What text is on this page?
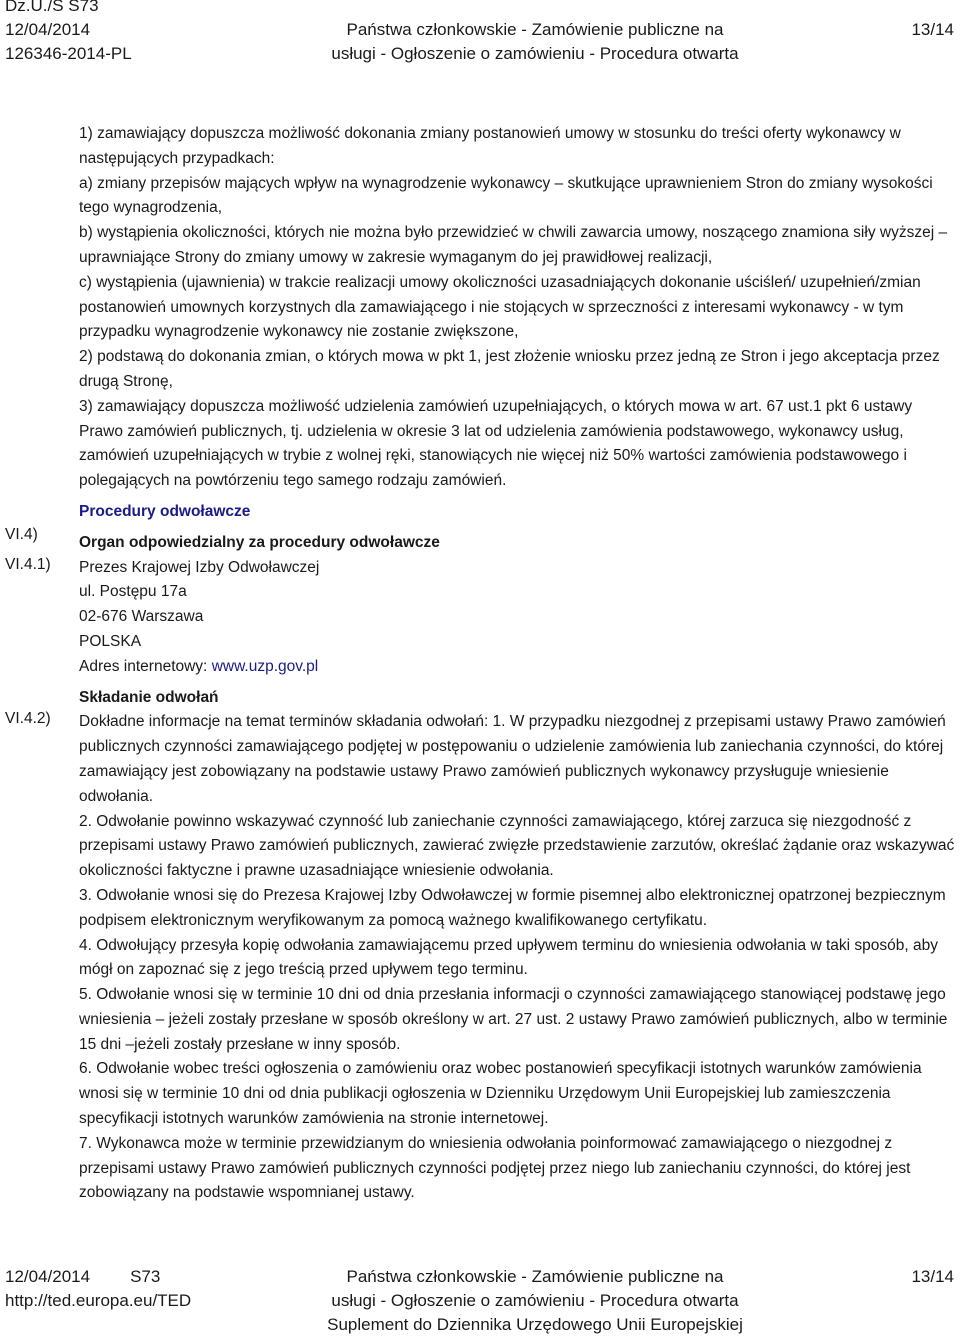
Dz.U./S S73
12/04/2014
126346-2014-PL
Państwa członkowskie - Zamówienie publiczne na
usługi - Ogłoszenie o zamówieniu - Procedura otwarta
13/14
VI.4)
VI.4.1)
VI.4.2)

1) zamawiający dopuszcza możliwość dokonania zmiany postanowień umowy w stosunku do treści oferty wykonawcy w następujących przypadkach:

a) zmiany przepisów mających wpływ na wynagrodzenie wykonawcy – skutkujące uprawnieniem Stron do zmiany wysokości tego wynagrodzenia,

b) wystąpienia okoliczności, których nie można było przewidzieć w chwili zawarcia umowy, noszącego znamiona siły wyższej – uprawniające Strony do zmiany umowy w zakresie wymaganym do jej prawidłowej realizacji,

c) wystąpienia (ujawnienia) w trakcie realizacji umowy okoliczności uzasadniających dokonanie uściśleń/ uzupełnień/zmian postanowień umownych korzystnych dla zamawiającego i nie stojących w sprzeczności z interesami wykonawcy - w tym przypadku wynagrodzenie wykonawcy nie zostanie zwiększone,

2) podstawą do dokonania zmian, o których mowa w pkt 1, jest złożenie wniosku przez jedną ze Stron i jego akceptacja przez drugą Stronę,

3) zamawiający dopuszcza możliwość udzielenia zamówień uzupełniających, o których mowa w art. 67 ust.1 pkt 6 ustawy Prawo zamówień publicznych, tj. udzielenia w okresie 3 lat od udzielenia zamówienia podstawowego, wykonawcy usług, zamówień uzupełniających w trybie z wolnej ręki, stanowiących nie więcej niż 50% wartości zamówienia podstawowego i polegających na powtórzeniu tego samego rodzaju zamówień.

Procedury odwoławcze

Organ odpowiedzialny za procedury odwoławcze

Prezes Krajowej Izby Odwoławczej

ul. Postępu 17a

02-676 Warszawa

POLSKA

Adres internetowy: www.uzp.gov.pl

Składanie odwołań

Dokładne informacje na temat terminów składania odwołań: 1. W przypadku niezgodnej z przepisami ustawy Prawo zamówień publicznych czynności zamawiającego podjętej w postępowaniu o udzielenie zamówienia lub zaniechania czynności, do której zamawiający jest zobowiązany na podstawie ustawy Prawo zamówień publicznych wykonawcy przysługuje wniesienie odwołania.

2. Odwołanie powinno wskazywać czynność lub zaniechanie czynności zamawiającego, której zarzuca się niezgodność z przepisami ustawy Prawo zamówień publicznych, zawierać zwięzłe przedstawienie zarzutów, określać żądanie oraz wskazywać okoliczności faktyczne i prawne uzasadniające wniesienie odwołania.

3. Odwołanie wnosi się do Prezesa Krajowej Izby Odwoławczej w formie pisemnej albo elektronicznej opatrzonej bezpiecznym podpisem elektronicznym weryfikowanym za pomocą ważnego kwalifikowanego certyfikatu.

4. Odwołujący przesyła kopię odwołania zamawiającemu przed upływem terminu do wniesienia odwołania w taki sposób, aby mógł on zapoznać się z jego treścią przed upływem tego terminu.

5. Odwołanie wnosi się w terminie 10 dni od dnia przesłania informacji o czynności zamawiającego stanowiącej podstawę jego wniesienia – jeżeli zostały przesłane w sposób określony w art. 27 ust. 2 ustawy Prawo zamówień publicznych, albo w terminie 15 dni –jeżeli zostały przesłane w inny sposób.

6. Odwołanie wobec treści ogłoszenia o zamówieniu oraz wobec postanowień specyfikacji istotnych warunków zamówienia wnosi się w terminie 10 dni od dnia publikacji ogłoszenia w Dzienniku Urzędowym Unii Europejskiej lub zamieszczenia specyfikacji istotnych warunków zamówienia na stronie internetowej.

7. Wykonawca może w terminie przewidzianym do wniesienia odwołania poinformować zamawiającego o niezgodnej z przepisami ustawy Prawo zamówień publicznych czynności podjętej przez niego lub zaniechaniu czynności, do której jest zobowiązany na podstawie wspomnianej ustawy.

12/04/2014 S73
http://ted.europa.eu/TED
Państwa członkowskie - Zamówienie publiczne na
usługi - Ogłoszenie o zamówieniu - Procedura otwarta
Suplement do Dziennika Urzędowego Unii Europejskiej
13/14
